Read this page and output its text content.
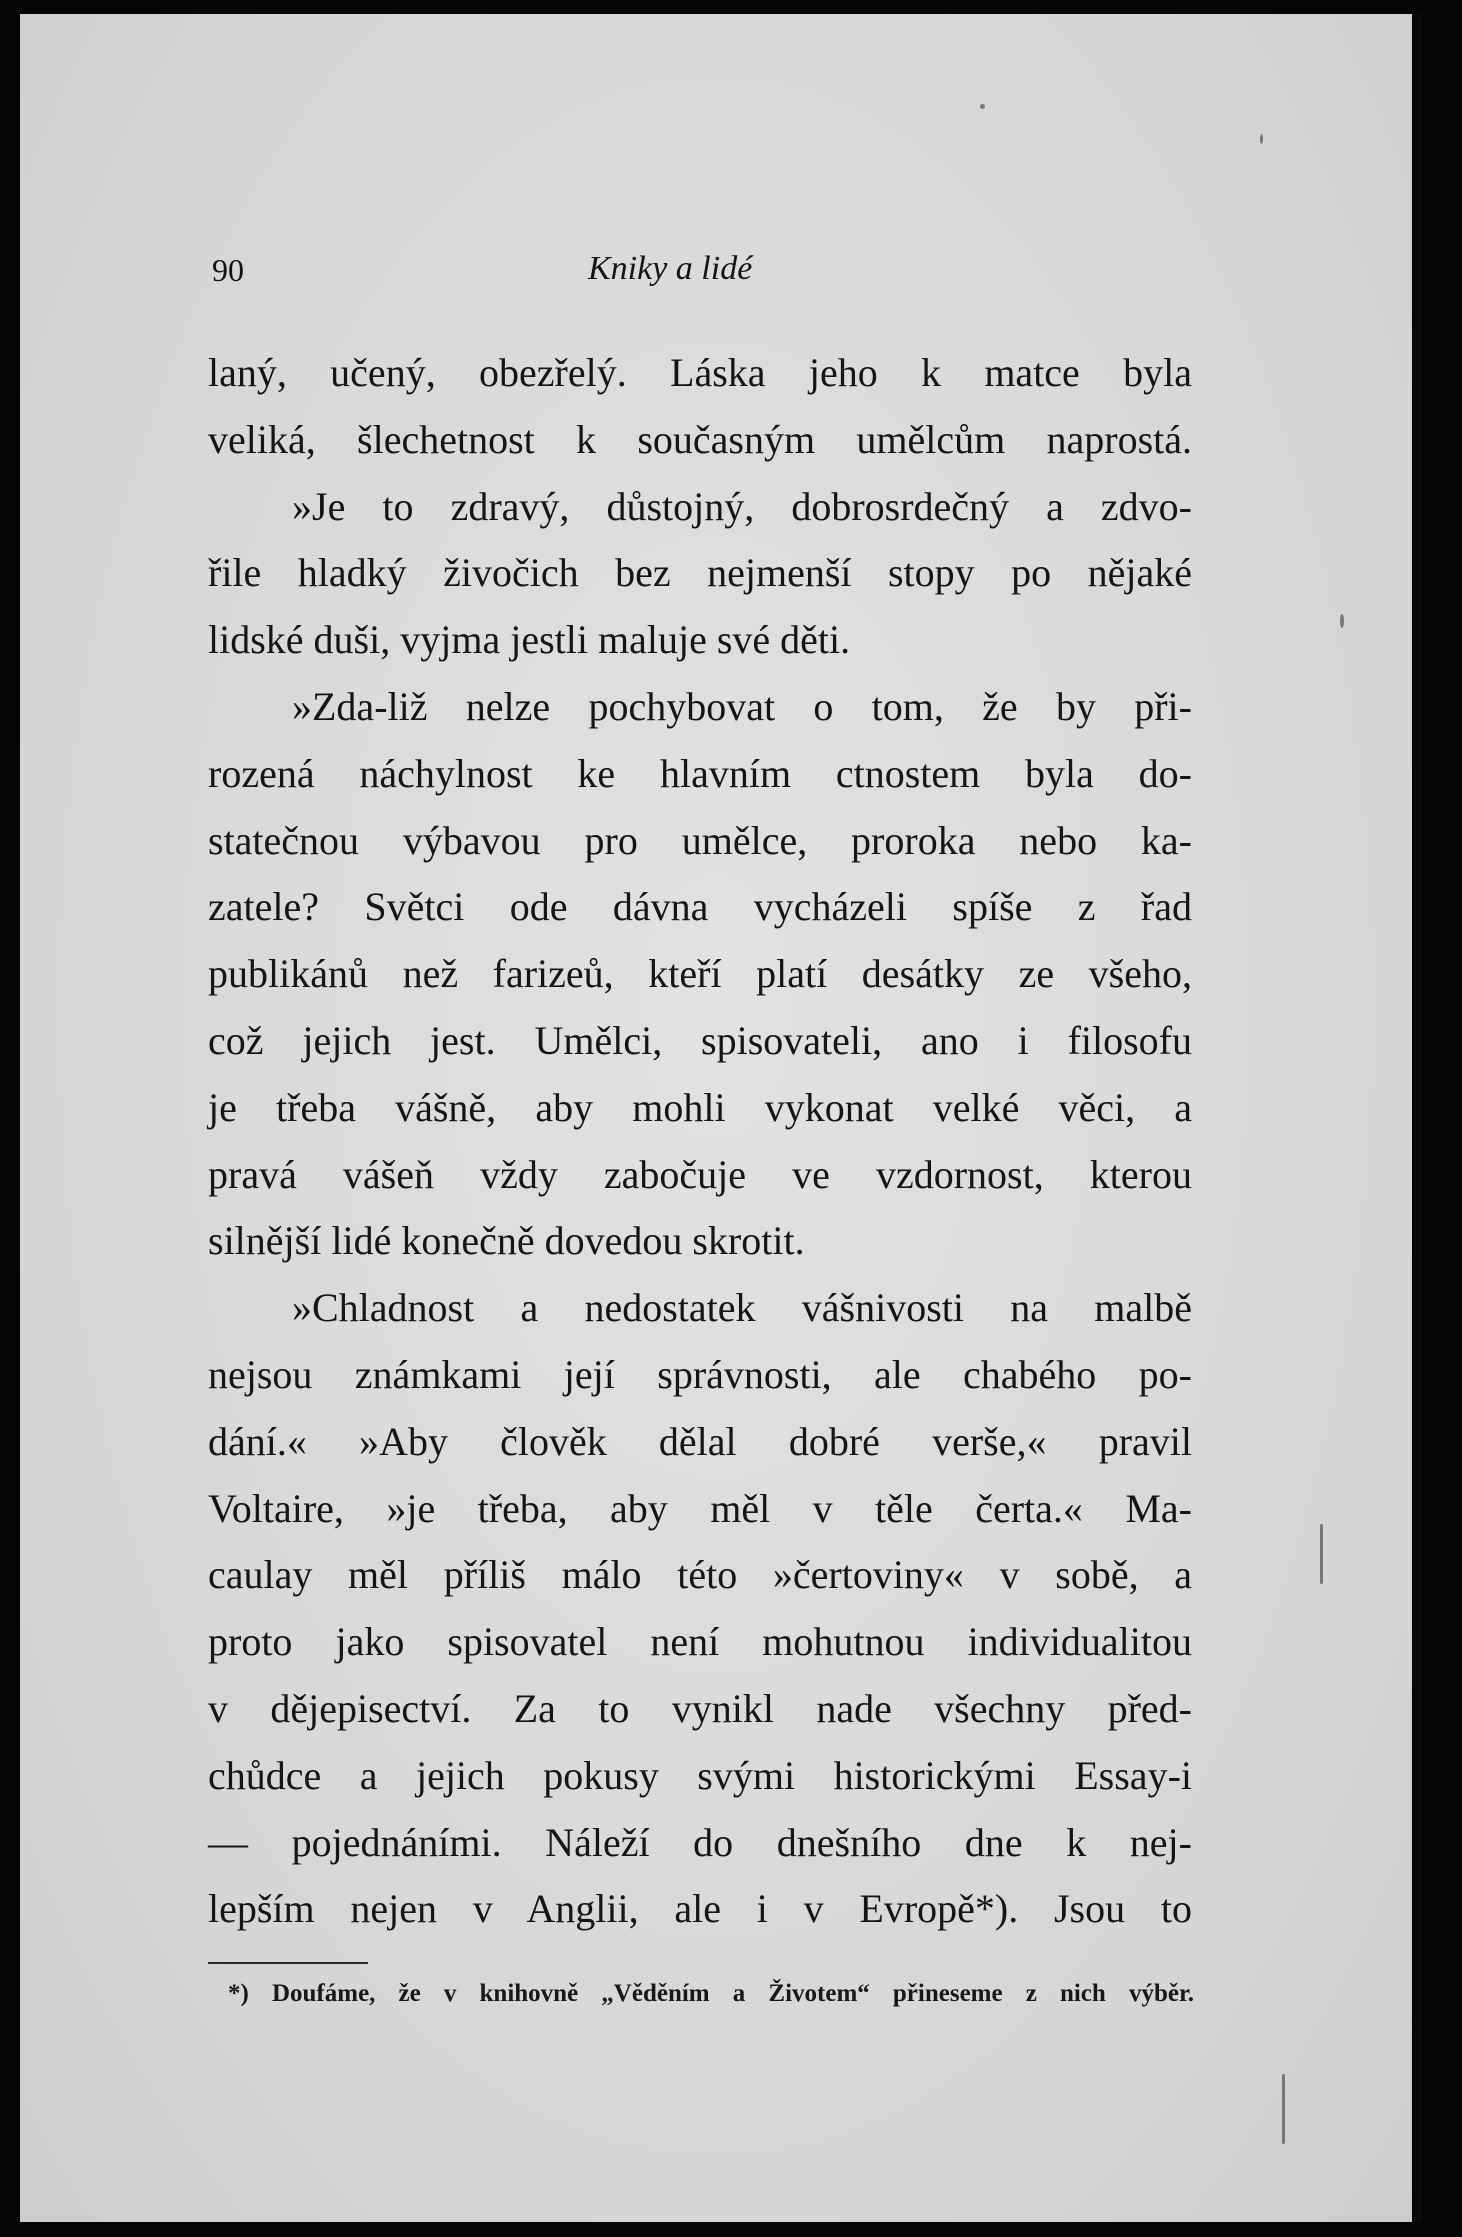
90	Kniky a lidé
laný, učený, obezřelý. Láska jeho k matce byla
veliká, šlechetnost k současným umělcům naprostá.
»Je to zdravý, důstojný, dobrosrdečný a zdvo-
řile hladký živočich bez nejmenší stopy po nějaké
lidské duši, vyjma jestli maluje své děti.
»Zda-liž nelze pochybovat o tom, že by při-
rozená náchylnost ke hlavním ctnostem byla do-
statečnou výbavou pro umělce, proroka nebo ka-
zatele? Světci ode dávna vycházeli spíše z řad
publikánů než farizeů, kteří platí desátky ze všeho,
což jejich jest. Umělci, spisovateli, ano i filosofu
je třeba vášně, aby mohli vykonat velké věci, a
pravá vášeň vždy zabočuje ve vzdornost, kterou
silnější lidé konečně dovedou skrotit.
»Chladnost a nedostatek vášnivosti na malbě
nejsou známkami její správnosti, ale chabého po-
dání.« »Aby člověk dělal dobré verše,« pravil
Voltaire, »je třeba, aby měl v těle čerta.« Ma-
caulay měl příliš málo této »čertoviny« v sobě, a
proto jako spisovatel není mohutnou individualitou
v dějepisectví. Za to vynikl nade všechny před-
chůdce a jejich pokusy svými historickými Essay-i
— pojednáními. Náleží do dnešního dne k nej-
lepším nejen v Anglii, ale i v Evropě*). Jsou to
*) Doufáme, že v knihovně „Věděním a Životem“ přineseme z nich výběr.
